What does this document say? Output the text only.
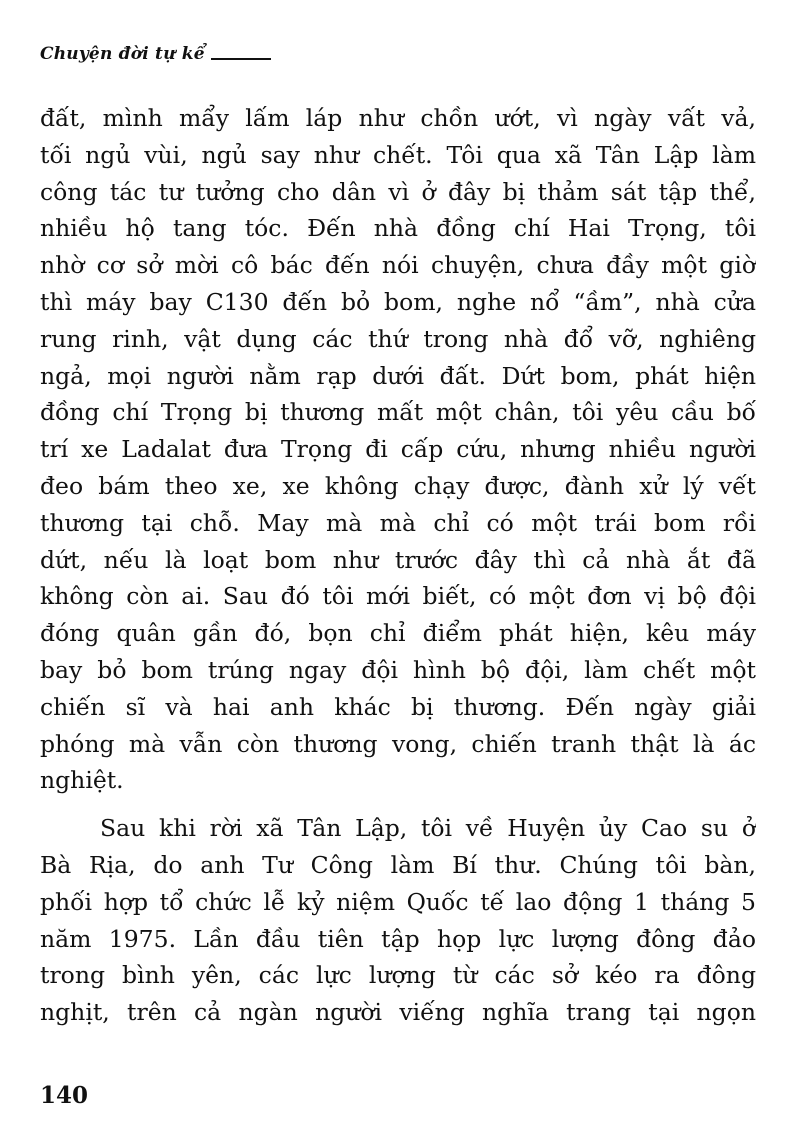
Chuyện đời tự kể
đất, mình mẩy lấm láp như chồn ướt, vì ngày vất vả,
tối ngủ vùi, ngủ say như chết. Tôi qua xã Tân Lập làm
công tác tư tưởng cho dân vì ở đây bị thảm sát tập thể,
nhiều hộ tang tóc. Đến nhà đồng chí Hai Trọng, tôi
nhờ cơ sở mời cô bác đến nói chuyện, chưa đầy một giờ
thì máy bay C130 đến bỏ bom, nghe nổ “ầm”, nhà cửa
rung rinh, vật dụng các thứ trong nhà đổ vỡ, nghiêng
ngả, mọi người nằm rạp dưới đất. Dứt bom, phát hiện
đồng chí Trọng bị thương mất một chân, tôi yêu cầu bố
trí xe Ladalat đưa Trọng đi cấp cứu, nhưng nhiều người
đeo bám theo xe, xe không chạy được, đành xử lý vết
thương tại chỗ. May mà mà chỉ có một trái bom rồi
dứt, nếu là loạt bom như trước đây thì cả nhà ắt đã
không còn ai. Sau đó tôi mới biết, có một đơn vị bộ đội
đóng quân gần đó, bọn chỉ điểm phát hiện, kêu máy
bay bỏ bom trúng ngay đội hình bộ đội, làm chết một
chiến sĩ và hai anh khác bị thương. Đến ngày giải
phóng mà vẫn còn thương vong, chiến tranh thật là ác
nghiệt.
Sau khi rời xã Tân Lập, tôi về Huyện ủy Cao su ở
Bà Rịa, do anh Tư Công làm Bí thư. Chúng tôi bàn,
phối hợp tổ chức lễ kỷ niệm Quốc tế lao động 1 tháng 5
năm 1975. Lần đầu tiên tập họp lực lượng đông đảo
trong bình yên, các lực lượng từ các sở kéo ra đông
nghịt, trên cả ngàn người viếng nghĩa trang tại ngọn
140
